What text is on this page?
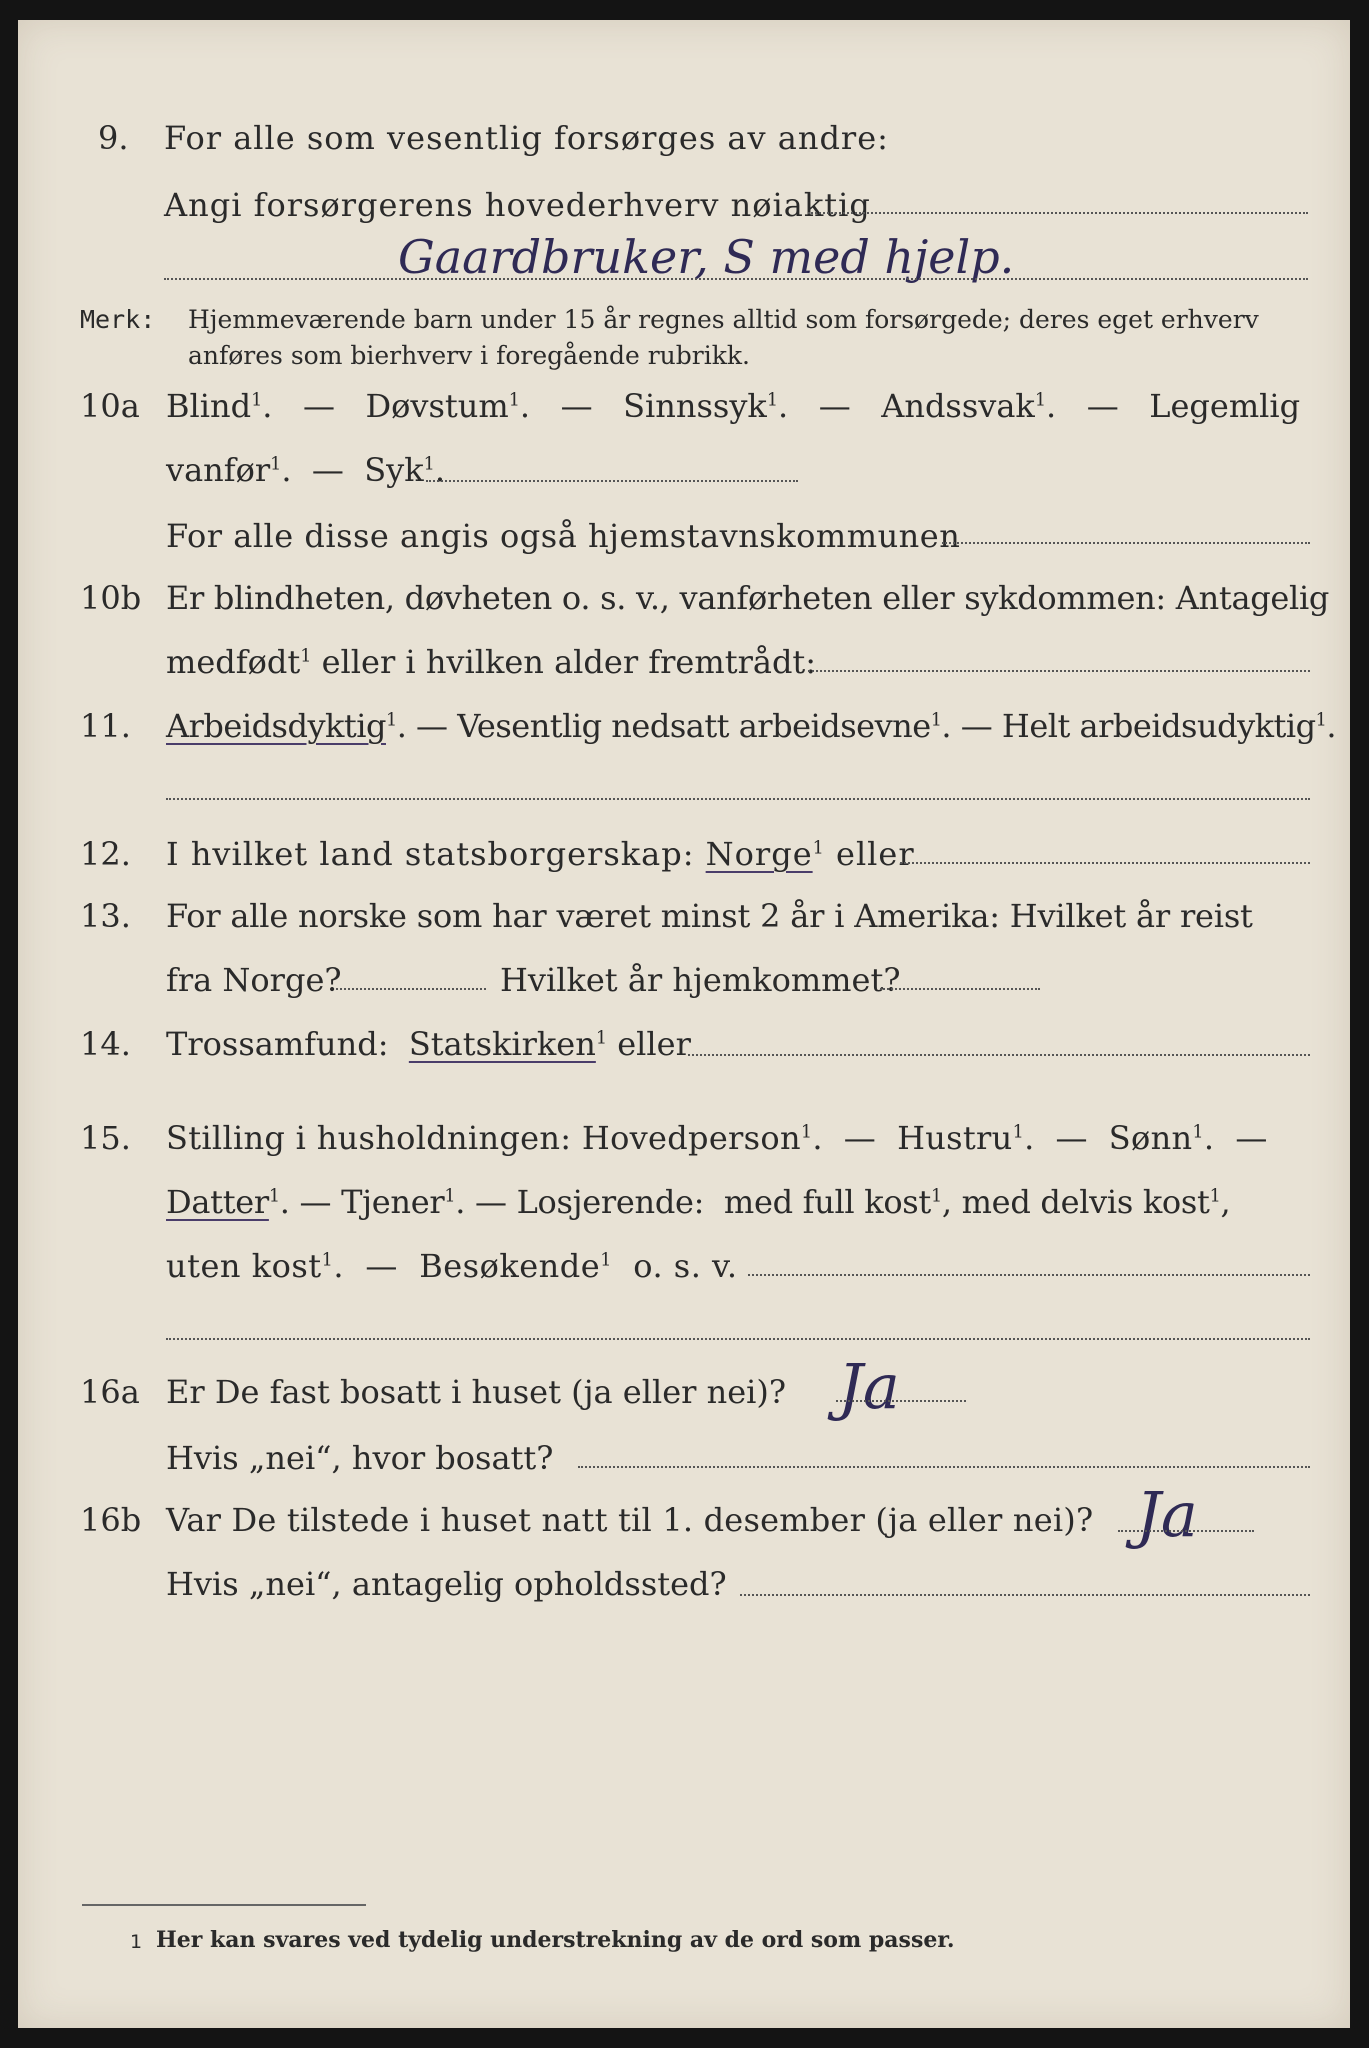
9. For alle som vesentlig forsørges av andre:
Angi forsørgerens hovederhverv nøiaktig
Gaardbruker, S med hjelp.
Merk: Hjemmeværende barn under 15 år regnes alltid som forsørgede; deres eget erhverv
anføres som bierhverv i foregående rubrikk.
10a Blind$^1$. — Døvstum$^1$. — Sinnssyk$^1$. — Andssvak$^1$. — Legemlig
vanfør$^1$. — Syk$^1$.
For alle disse angis også hjemstavnskommunen
10b Er blindheten, døvheten o. s. v., vanførheten eller sykdommen: Antagelig
medfødt$^1$ eller i hvilken alder fremtrådt:
11. Arbeidsdyktig$^1$. — Vesentlig nedsatt arbeidsevne$^1$. — Helt arbeidsudyktig$^1$.
12. I hvilket land statsborgerskap: Norge$^1$ eller
13. For alle norske som har været minst 2 år i Amerika: Hvilket år reist
fra Norge?	Hvilket år hjemkommet?
14. Trossamfund: Statskirken$^1$ eller
15. Stilling i husholdningen: Hovedperson$^1$. — Hustru$^1$. — Sønn$^1$. —
Datter$^1$. — Tjener$^1$. — Losjerende: med full kost$^1$, med delvis kost$^1$,
uten kost$^1$. — Besøkende$^1$ o. s. v.
16a Er De fast bosatt i huset (ja eller nei)? Ja
Hvis „nei“, hvor bosatt?
16b Var De tilstede i huset natt til 1. desember (ja eller nei)? Ja
Hvis „nei“, antagelig opholdssted?
1 Her kan svares ved tydelig understrekning av de ord som passer.
